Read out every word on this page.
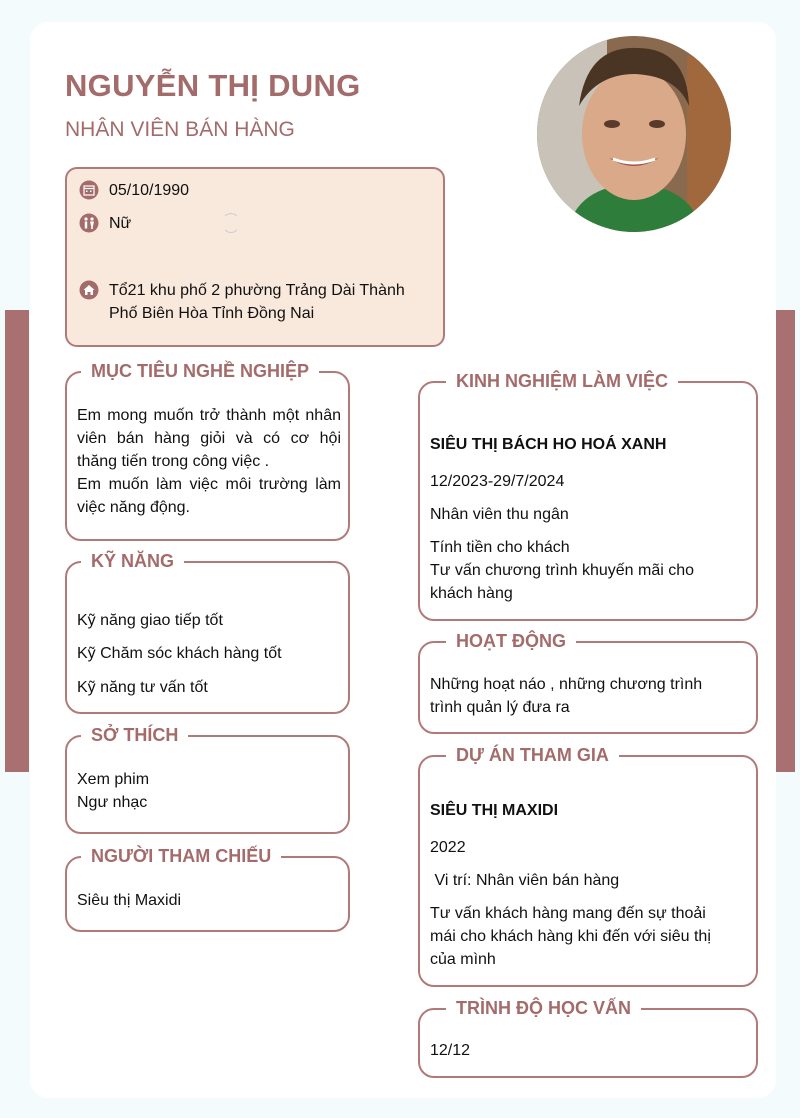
NGUYỄN THỊ DUNG
NHÂN VIÊN BÁN HÀNG
05/10/1990
Nữ
Tổ21 khu phố 2 phường Trảng Dài Thành Phố Biên Hòa Tỉnh Đồng Nai
MỤC TIÊU NGHỀ NGHIỆP
Em mong muốn trở thành một nhân viên bán hàng giỏi và có cơ hội thăng tiến trong công việc .
Em muốn làm việc môi trường làm việc năng động.
KỸ NĂNG
Kỹ năng giao tiếp tốt
Kỹ Chăm sóc khách hàng tốt
Kỹ năng tư vấn tốt
SỞ THÍCH
Xem phim
Ngư nhạc
NGƯỜI THAM CHIẾU
Siêu thị Maxidi
KINH NGHIỆM LÀM VIỆC
SIÊU THỊ BÁCH HO HOÁ XANH
12/2023-29/7/2024
Nhân viên thu ngân
Tính tiền cho khách
Tư vấn chương trình khuyến mãi cho khách hàng
HOẠT ĐỘNG
Những hoạt náo , những chương trình trình quản lý đưa ra
DỰ ÁN THAM GIA
SIÊU THỊ MAXIDI
2022
Vi trí: Nhân viên bán hàng
Tư vấn khách hàng mang đến sự thoải mái cho khách hàng khi đến với siêu thị của mình
TRÌNH ĐỘ HỌC VẤN
12/12
